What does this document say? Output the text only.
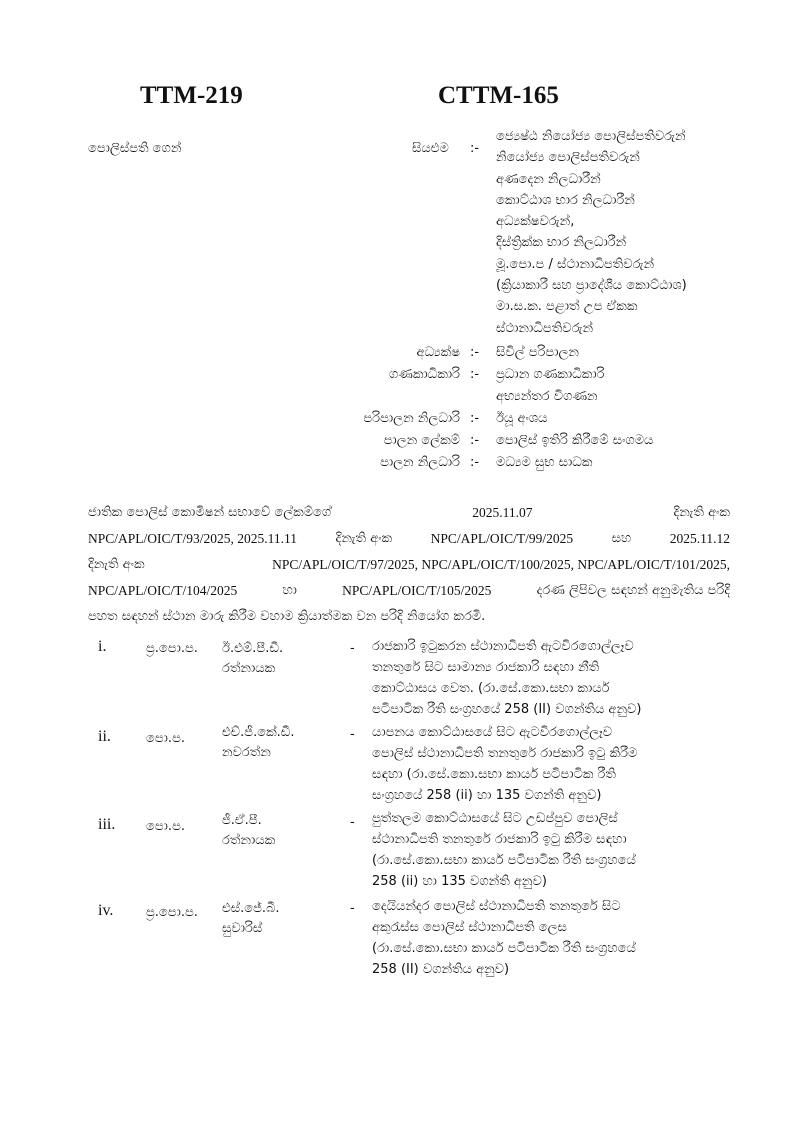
TTM-219	CTTM-165
පොලිස්පති ගෙන්	සියළුම :-
ජ්‍යෙෂ්ඨ නියෝජ්‍ය පොලිස්පතිවරුන්
නියෝජ්‍ය පොලිස්පතිවරුන්
අණදෙන නිලධාරීන්
කොට්ඨාශ භාර නිලධාරීන්
අධ්‍යක්ෂවරුන්,
දිස්ත්‍රික්ක භාර නිලධාරීන්
මූ.පො.ප / ස්ථානාධිපතිවරුන්
(ක්‍රියාකාරී සහ ප්‍රාදේශීය කොට්ඨාශ)
මා.ස.ක. පළාත් උප ඒකක
ස්ථානාධිපතිවරුන්
අධ්‍යක්ෂ :- සිවිල් පරිපාලන
ගණකාධිකාරි :- ප්‍රධාන ගණකාධිකාරි
අභ්‍යන්තර විගණන
පරිපාලන නිලධාරි :- ඊයූ අංශය
පාලන ලේකම් :- පොලිස් ඉතිරි කිරීමේ සංගමය
පාලන නිලධාරි :- මධ්‍යම සුභ සාධක
ජාතික පොලිස් කොමිෂන් සභාවේ ලේකම්ගේ	2025.11.07	දිනැති අංක
NPC/APL/OIC/T/93/2025, 2025.11.11	දිනැති අංක	NPC/APL/OIC/T/99/2025	සහ	2025.11.12
දිනැති අංක	NPC/APL/OIC/T/97/2025, NPC/APL/OIC/T/100/2025, NPC/APL/OIC/T/101/2025,
NPC/APL/OIC/T/104/2025	හා	NPC/APL/OIC/T/105/2025	දරණ ලිපිවල සඳහන් අනුමැතිය පරිදි
පහත සඳහන් ස්ථාන මාරු කිරීම වහාම ක්‍රියාත්මක වන පරිදි නියෝග කරමි.
i.	ප්‍ර.පො.ප. ඊ.එම්.පී.ඩී.
රත්නායක
- රාජකාරි ඉටුකරන ස්ථානාධිපති ඇටවිරගොල්ලෑව
තනතුරේ සිට සාමාන්‍ය රාජකාරි සඳහා නීති
කොට්ඨාසය වෙත. (රා.සේ.කො.සභා කාර්ය
පටිපාටික රීති සංග්‍රහයේ 258 (II) වගන්තිය අනුව)
ii.	පො.ප.	එච්.ජී.කේ.ඩී.
නවරත්න
- යාපනය කොට්ඨාසයේ සිට ඇටවිරගොල්ලෑව
පොලිස් ස්ථානාධිපති තනතුරේ රාජකාරි ඉටු කිරීම
සඳහා (රා.සේ.කො.සභා කාර්ය පටිපාටික රීති
සංග්‍රහයේ 258 (ii) හා 135 වගන්ති අනුව)
iii. පො.ප.	ජී.ඒ.පී.
රත්නායක
- පුත්තලම කොට්ඨාසයේ සිට උඩප්පුව පොලිස්
ස්ථානාධිපති තනතුරේ රාජකාරි ඉටු කිරීම සඳහා
(රා.සේ.කො.සභා කාර්ය පටිපාටික රීති සංග්‍රහයේ
258 (ii) හා 135 වගන්ති අනුව)
iv.	ප්‍ර.පො.ප. එස්.ජේ.බී.
සුවාරිස්
- දෙයියන්දර පොලිස් ස්ථානාධිපති තනතුරේ සිට
අකුරැස්ස පොලිස් ස්ථානාධිපති ලෙස
(රා.සේ.කො.සභා කාර්ය පටිපාටික රීති සංග්‍රහයේ
258 (II) වගන්තිය අනුව)
